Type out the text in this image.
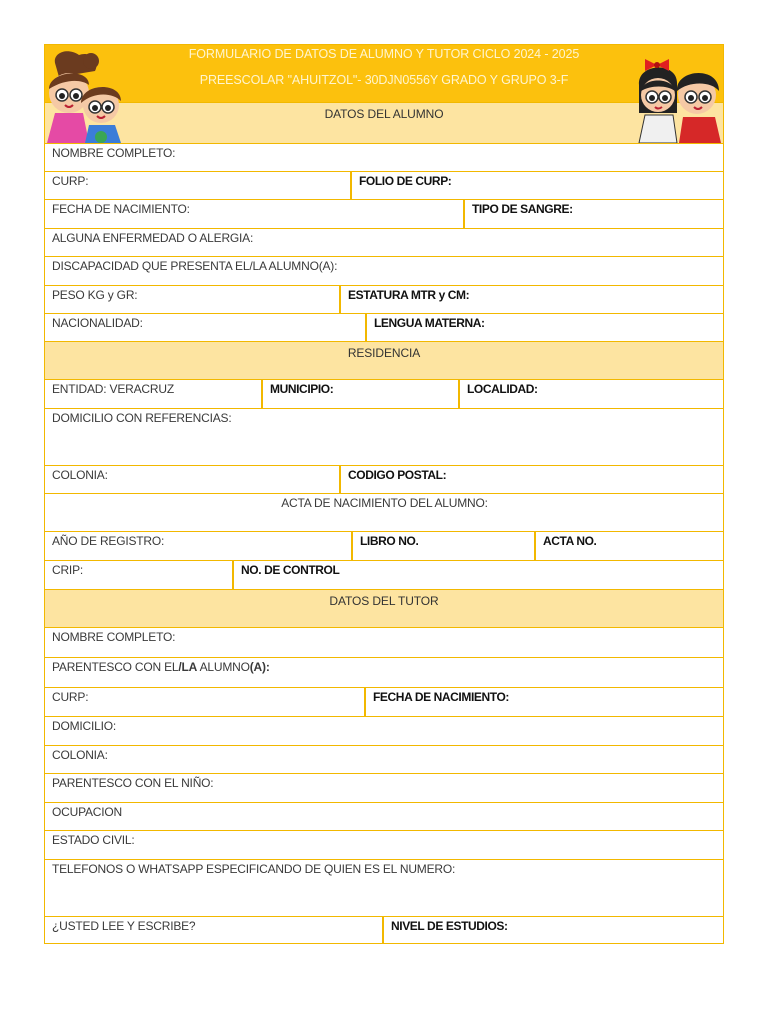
FORMULARIO DE DATOS DE ALUMNO Y TUTOR CICLO 2024 - 2025
PREESCOLAR "AHUITZOL"- 30DJN0556Y GRADO Y GRUPO 3-F
DATOS DEL ALUMNO
NOMBRE COMPLETO:
CURP:	FOLIO DE CURP:
FECHA DE NACIMIENTO:	TIPO DE SANGRE:
ALGUNA ENFERMEDAD O ALERGIA:
DISCAPACIDAD QUE PRESENTA EL/LA ALUMNO(A):
PESO KG y GR:	ESTATURA MTR y CM:
NACIONALIDAD:	LENGUA MATERNA:
RESIDENCIA
ENTIDAD: VERACRUZ	MUNICIPIO:	LOCALIDAD:
DOMICILIO CON REFERENCIAS:
COLONIA:	CODIGO POSTAL:
ACTA DE NACIMIENTO DEL ALUMNO:
AÑO DE REGISTRO:	LIBRO NO.	ACTA NO.
CRIP:	NO. DE CONTROL
DATOS DEL TUTOR
NOMBRE COMPLETO:
PARENTESCO CON EL/LA ALUMNO(A):
CURP:	FECHA DE NACIMIENTO:
DOMICILIO:
COLONIA:
PARENTESCO CON EL NIÑO:
OCUPACION
ESTADO CIVIL:
TELEFONOS O WHATSAPP ESPECIFICANDO DE QUIEN ES EL NUMERO:
¿USTED LEE Y ESCRIBE?	NIVEL DE ESTUDIOS:
